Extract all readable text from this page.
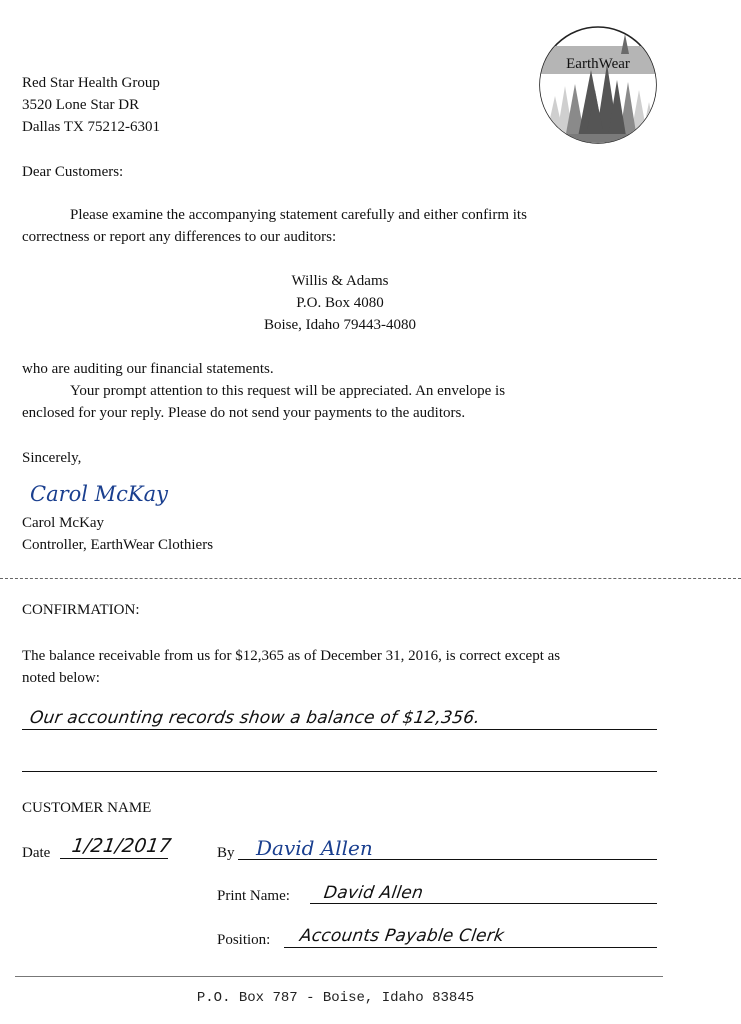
EarthWear
Red Star Health Group
3520 Lone Star DR
Dallas TX 75212-6301
Dear Customers:
Please examine the accompanying statement carefully and either confirm its
correctness or report any differences to our auditors:
Willis & Adams
P.O. Box 4080
Boise, Idaho 79443-4080
who are auditing our financial statements.
Your prompt attention to this request will be appreciated. An envelope is
enclosed for your reply. Please do not send your payments to the auditors.
Sincerely,
Carol McKay
Carol McKay
Controller, EarthWear Clothiers
CONFIRMATION:
The balance receivable from us for $12,365 as of December 31, 2016, is correct except as
noted below:
Our accounting records show a balance of $12,356.
CUSTOMER NAME
Date 1/21/2017	By David Allen
Print Name: David Allen
Position: Accounts Payable Clerk
P.O. Box 787 - Boise, Idaho 83845
